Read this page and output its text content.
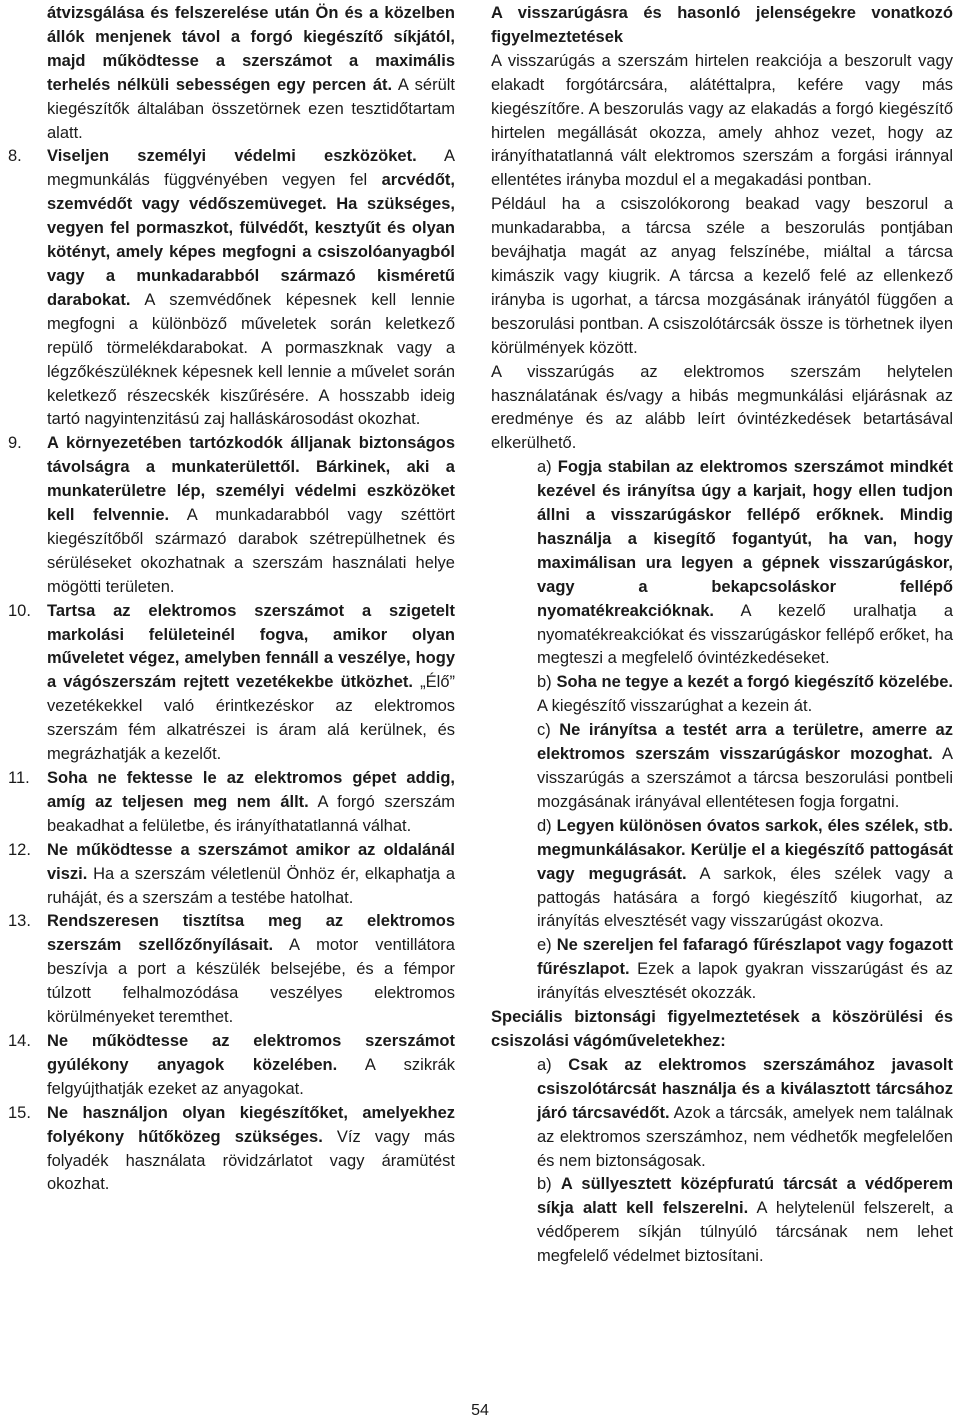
átvizsgálása és felszerelése után Ön és a közelben állók menjenek távol a forgó kiegészítő síkjától, majd működtesse a szerszámot a maximális terhelés nélküli sebességen egy percen át. A sérült kiegészítők általában összetörnek ezen tesztidőtartam alatt.
8. Viseljen személyi védelmi eszközöket. A megmunkálás függvényében vegyen fel arcvédőt, szemvédőt vagy védőszemüveget. Ha szükséges, vegyen fel pormaszkot, fülvédőt, kesztyűt és olyan kötényt, amely képes megfogni a csiszolóanyagból vagy a munkadarabból származó kisméretű darabokat. A szemvédőnek képesnek kell lennie megfogni a különböző műveletek során keletkező repülő törmelékdarabokat. A pormaszknak vagy a légzőkészüléknek képesnek kell lennie a művelet során keletkező részecskék kiszűrésére. A hosszabb ideig tartó nagyintenzitású zaj halláskárosodást okozhat.
9. A környezetében tartózkodók álljanak biztonságos távolságra a munkaterülettől. Bárkinek, aki a munkaterületre lép, személyi védelmi eszközöket kell felvennie. A munkadarabból vagy széttört kiegészítőből származó darabok szétrepülhetnek és sérüléseket okozhatnak a szerszám használati helye mögötti területen.
10. Tartsa az elektromos szerszámot a szigetelt markolási felületeinél fogva, amikor olyan műveletet végez, amelyben fennáll a veszélye, hogy a vágószerszám rejtett vezetékekbe ütközhet. „Élő” vezetékekkel való érintkezéskor az elektromos szerszám fém alkatrészei is áram alá kerülnek, és megrázhatják a kezelőt.
11. Soha ne fektesse le az elektromos gépet addig, amíg az teljesen meg nem állt. A forgó szerszám beakadhat a felületbe, és irányíthatatlanná válhat.
12. Ne működtesse a szerszámot amikor az oldalánál viszi. Ha a szerszám véletlenül Önhöz ér, elkaphatja a ruháját, és a szerszám a testébe hatolhat.
13. Rendszeresen tisztítsa meg az elektromos szerszám szellőzőnyílásait. A motor ventillátora beszívja a port a készülék belsejébe, és a fémpor túlzott felhalmozódása veszélyes elektromos körülményeket teremthet.
14. Ne működtesse az elektromos szerszámot gyúlékony anyagok közelében. A szikrák felgyújthatják ezeket az anyagokat.
15. Ne használjon olyan kiegészítőket, amelyekhez folyékony hűtőközeg szükséges. Víz vagy más folyadék használata rövidzárlatot vagy áramütést okozhat.

A visszarúgásra és hasonló jelenségekre vonatkozó figyelmeztetések

A visszarúgás a szerszám hirtelen reakciója a beszorult vagy elakadt forgótárcsára, alátéttalpra, kefére vagy más kiegészítőre. A beszorulás vagy az elakadás a forgó kiegészítő hirtelen megállását okozza, amely ahhoz vezet, hogy az irányíthatatlanná vált elektromos szerszám a forgási iránnyal ellentétes irányba mozdul el a megakadási pontban.

Például ha a csiszolókorong beakad vagy beszorul a munkadarabba, a tárcsa széle a beszorulás pontjában bevájhatja magát az anyag felszínébe, miáltal a tárcsa kimászik vagy kiugrik. A tárcsa a kezelő felé az ellenkező irányba is ugorhat, a tárcsa mozgásának irányától függően a beszorulási pontban. A csiszolótárcsák össze is törhetnek ilyen körülmények között.

A visszarúgás az elektromos szerszám helytelen használatának és/vagy a hibás megmunkálási eljárásnak az eredménye és az alább leírt óvintézkedések betartásával elkerülhető.

a) Fogja stabilan az elektromos szerszámot mindkét kezével és irányítsa úgy a karjait, hogy ellen tudjon állni a visszarúgáskor fellépő erőknek. Mindig használja a kisegítő fogantyút, ha van, hogy maximálisan ura legyen a gépnek visszarúgáskor, vagy a bekapcsoláskor fellépő nyomatékreakcióknak. A kezelő uralhatja a nyomatékreakciókat és visszarúgáskor fellépő erőket, ha megteszi a megfelelő óvintézkedéseket.
b) Soha ne tegye a kezét a forgó kiegészítő közelébe. A kiegészítő visszarúghat a kezein át.
c) Ne irányítsa a testét arra a területre, amerre az elektromos szerszám visszarúgáskor mozoghat. A visszarúgás a szerszámot a tárcsa beszorulási pontbeli mozgásának irányával ellentétesen fogja forgatni.
d) Legyen különösen óvatos sarkok, éles szélek, stb. megmunkálásakor. Kerülje el a kiegészítő pattogását vagy megugrását. A sarkok, éles szélek vagy a pattogás hatására a forgó kiegészítő kiugorhat, az irányítás elvesztését vagy visszarúgást okozva.
e) Ne szereljen fel fafaragó fűrészlapot vagy fogazott fűrészlapot. Ezek a lapok gyakran visszarúgást és az irányítás elvesztését okozzák.

Speciális biztonsági figyelmeztetések a köszörülési és csiszolási vágóműveletekhez:

a) Csak az elektromos szerszámához javasolt csiszolótárcsát használja és a kiválasztott tárcsához járó tárcsavédőt. Azok a tárcsák, amelyek nem találnak az elektromos szerszámhoz, nem védhetők megfelelően és nem biztonságosak.
b) A süllyesztett középfuratú tárcsát a védőperem síkja alatt kell felszerelni. A helytelenül felszerelt, a védőperem síkján túlnyúló tárcsának nem lehet megfelelő védelmet biztosítani.
54
